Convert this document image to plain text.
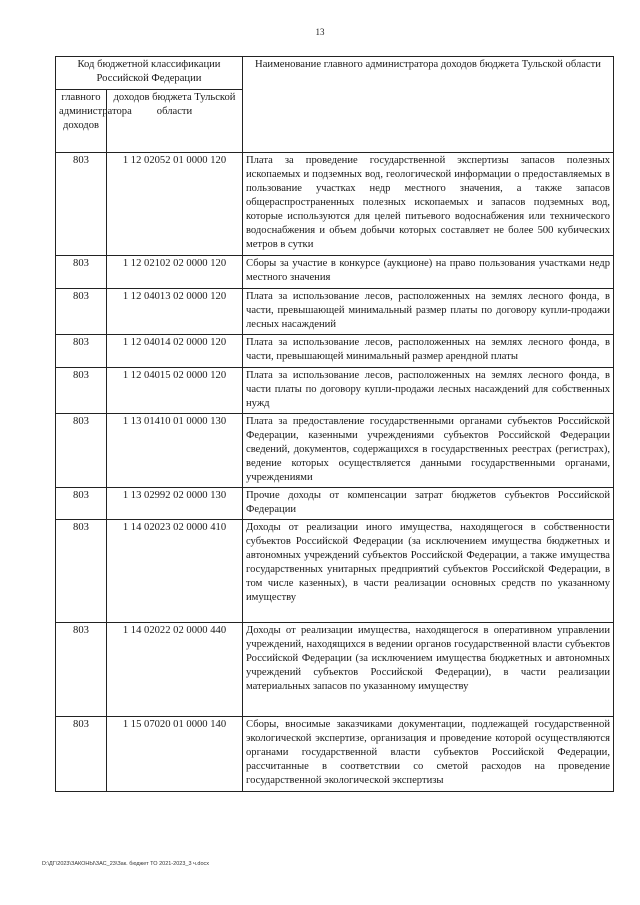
13
Код бюджетной классификации Российской Федерации		Наименование главного администратора доходов бюджета Тульской области
главного администратора доходов	доходов бюджета Тульской области	
803	1 12 02052 01 0000 120	Плата за проведение государственной экспертизы запасов полезных ископаемых и подземных вод, геологической информации о предоставляемых в пользование участках недр местного значения, а также запасов общераспространенных полезных ископаемых и запасов подземных вод, которые используются для целей питьевого водоснабжения или технического водоснабжения и объем добычи которых составляет не более 500 кубических метров в сутки
803	1 12 02102 02 0000 120	Сборы за участие в конкурсе (аукционе) на право пользования участками недр местного значения
803	1 12 04013 02 0000 120	Плата за использование лесов, расположенных на землях лесного фонда, в части, превышающей минимальный размер платы по договору купли-продажи лесных насаждений
803	1 12 04014 02 0000 120	Плата за использование лесов, расположенных на землях лесного фонда, в части, превышающей минимальный размер арендной платы
803	1 12 04015 02 0000 120	Плата за использование лесов, расположенных на землях лесного фонда, в части платы по договору купли-продажи лесных насаждений для собственных нужд
803	1 13 01410 01 0000 130	Плата за предоставление государственными органами субъектов Российской Федерации, казенными учреждениями субъектов Российской Федерации сведений, документов, содержащихся в государственных реестрах (регистрах), ведение которых осуществляется данными государственными органами, учреждениями
803	1 13 02992 02 0000 130	Прочие доходы от компенсации затрат бюджетов субъектов Российской Федерации
803	1 14 02023 02 0000 410	Доходы от реализации иного имущества, находящегося в собственности субъектов Российской Федерации (за исключением имущества бюджетных и автономных учреждений субъектов Российской Федерации, а также имущества государственных унитарных предприятий субъектов Российской Федерации, в том числе казенных), в части реализации основных средств по указанному имуществу
803	1 14 02022 02 0000 440	Доходы от реализации имущества, находящегося в оперативном управлении учреждений, находящихся в ведении органов государственной власти субъектов Российской Федерации (за исключением имущества бюджетных и автономных учреждений субъектов Российской Федерации), в части реализации материальных запасов по указанному имуществу
803	1 15 07020 01 0000 140	Сборы, вносимые заказчиками документации, подлежащей государственной экологической экспертизе, организация и проведение которой осуществляются органами государственной власти субъектов Российской Федерации, рассчитанные в соответствии со сметой расходов на проведение государственной экологической экспертизы
D:\ДГ\2023\ЗАКОНЫ\ЗАС_23\Зак. бюджет ТО 2021-2023_3 ч.docx
